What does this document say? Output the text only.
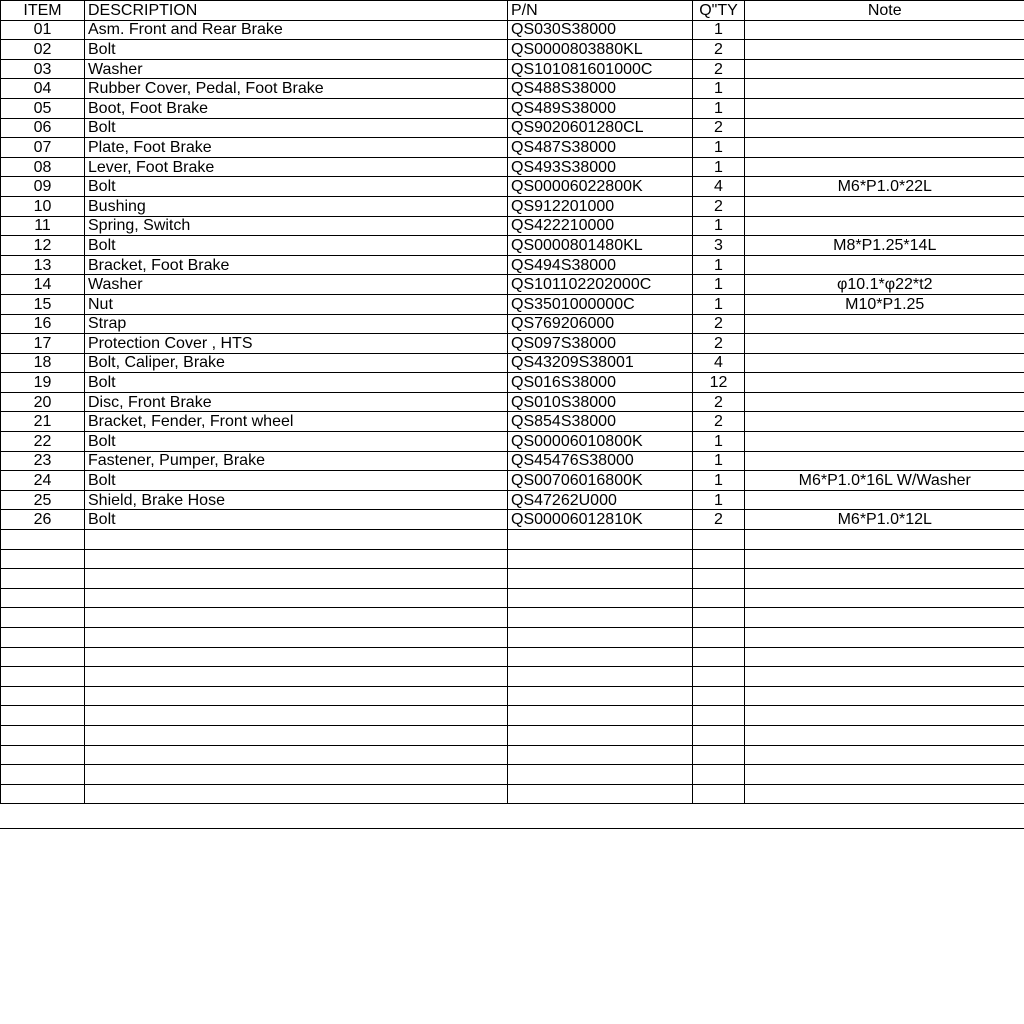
ITEM	DESCRIPTION	P/N	Q"TY	Note
01	Asm. Front and Rear Brake	QS030S38000	1	
02	Bolt	QS0000803880KL	2	
03	Washer	QS101081601000C	2	
04	Rubber Cover, Pedal, Foot Brake	QS488S38000	1	
05	Boot, Foot Brake	QS489S38000	1	
06	Bolt	QS9020601280CL	2	
07	Plate, Foot Brake	QS487S38000	1	
08	Lever, Foot Brake	QS493S38000	1	
09	Bolt	QS00006022800K	4	M6*P1.0*22L
10	Bushing	QS912201000	2	
11	Spring, Switch	QS422210000	1	
12	Bolt	QS0000801480KL	3	M8*P1.25*14L
13	Bracket, Foot Brake	QS494S38000	1	
14	Washer	QS101102202000C	1	φ10.1*φ22*t2
15	Nut	QS3501000000C	1	M10*P1.25
16	Strap	QS769206000	2	
17	Protection Cover , HTS	QS097S38000	2	
18	Bolt, Caliper, Brake	QS43209S38001	4	
19	Bolt	QS016S38000	12	
20	Disc, Front Brake	QS010S38000	2	
21	Bracket, Fender, Front wheel	QS854S38000	2	
22	Bolt	QS00006010800K	1	
23	Fastener, Pumper, Brake	QS45476S38000	1	
24	Bolt	QS00706016800K	1	M6*P1.0*16L W/Washer
25	Shield, Brake Hose	QS47262U000	1	
26	Bolt	QS00006012810K	2	M6*P1.0*12L
